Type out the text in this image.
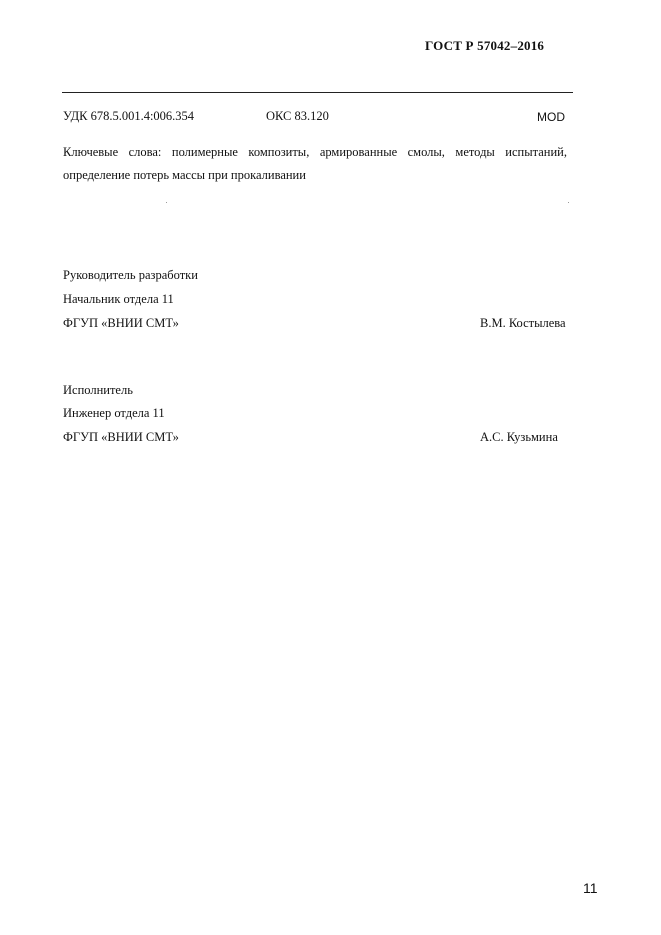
ГОСТ Р 57042–2016
УДК 678.5.001.4:006.354	ОКС 83.120	MOD
Ключевые слова: полимерные композиты, армированные смолы, методы испытаний,
определение потерь массы при прокаливании
Руководитель разработки
Начальник отдела 11
ФГУП «ВНИИ СМТ»	В.М. Костылева
Исполнитель
Инженер отдела 11
ФГУП «ВНИИ СМТ»	А.С. Кузьмина
11
